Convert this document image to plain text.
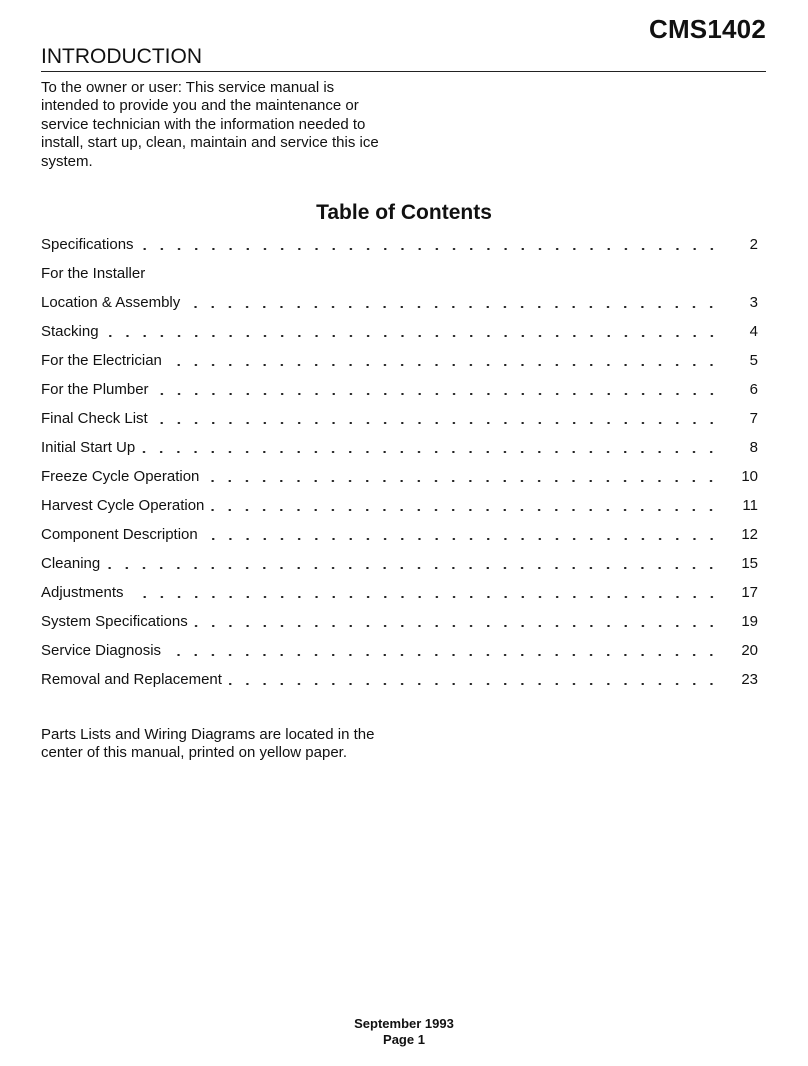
CMS1402
INTRODUCTION

To the owner or user: This service manual is intended to provide you and the maintenance or service technician with the information needed to install, start up, clean, maintain and service this ice system.

Table of Contents
Specifications	2
For the Installer
Location & Assembly	3
Stacking	4
For the Electrician	5
For the Plumber	6
Final Check List	7
Initial Start Up	8
Freeze Cycle Operation	10
Harvest Cycle Operation	11
Component Description	12
Cleaning	15
Adjustments	17
System Specifications	19
Service Diagnosis	20
Removal and Replacement	23

Parts Lists and Wiring Diagrams are located in the center of this manual, printed on yellow paper.

September 1993
Page 1
